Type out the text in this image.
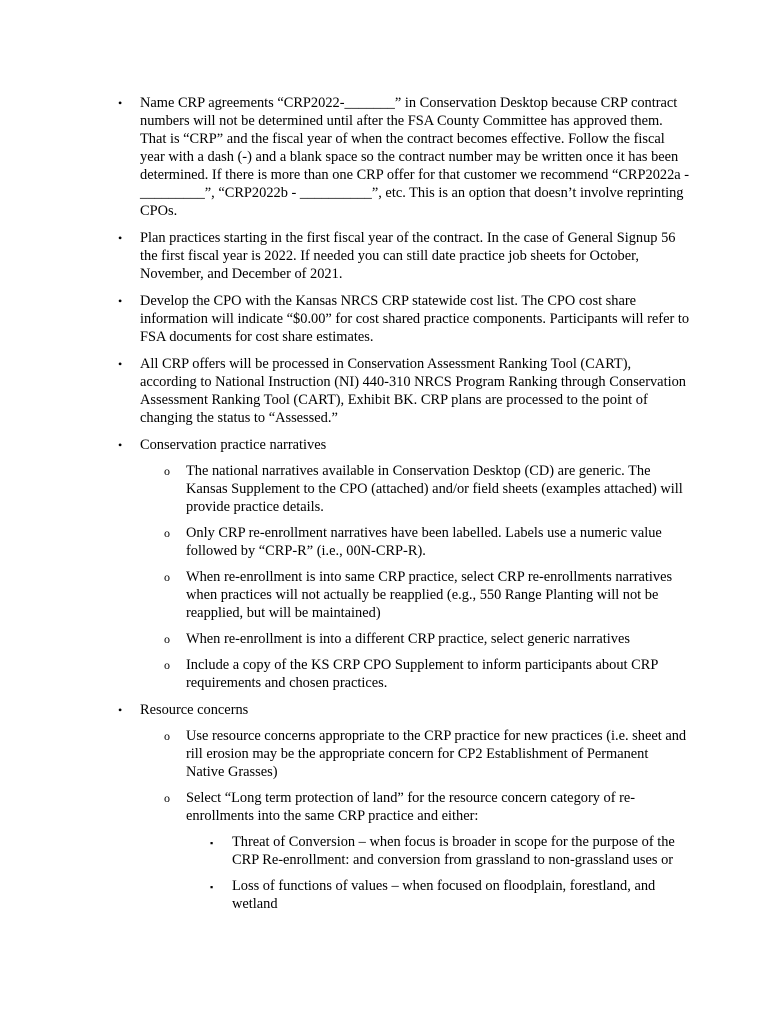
• Name CRP agreements “CRP2022-_______” in Conservation Desktop because CRP contract numbers will not be determined until after the FSA County Committee has approved them. That is “CRP” and the fiscal year of when the contract becomes effective. Follow the fiscal year with a dash (-) and a blank space so the contract number may be written once it has been determined. If there is more than one CRP offer for that customer we recommend “CRP2022a - _________”, “CRP2022b - __________”, etc. This is an option that doesn’t involve reprinting CPOs.
• Plan practices starting in the first fiscal year of the contract. In the case of General Signup 56 the first fiscal year is 2022. If needed you can still date practice job sheets for October, November, and December of 2021.
• Develop the CPO with the Kansas NRCS CRP statewide cost list. The CPO cost share information will indicate “$0.00” for cost shared practice components. Participants will refer to FSA documents for cost share estimates.
• All CRP offers will be processed in Conservation Assessment Ranking Tool (CART), according to National Instruction (NI) 440-310 NRCS Program Ranking through Conservation Assessment Ranking Tool (CART), Exhibit BK. CRP plans are processed to the point of changing the status to “Assessed.”
• Conservation practice narratives
o The national narratives available in Conservation Desktop (CD) are generic. The Kansas Supplement to the CPO (attached) and/or field sheets (examples attached) will provide practice details.
o Only CRP re-enrollment narratives have been labelled. Labels use a numeric value followed by “CRP-R” (i.e., 00N-CRP-R).
o When re-enrollment is into same CRP practice, select CRP re-enrollments narratives when practices will not actually be reapplied (e.g., 550 Range Planting will not be reapplied, but will be maintained)
o When re-enrollment is into a different CRP practice, select generic narratives
o Include a copy of the KS CRP CPO Supplement to inform participants about CRP requirements and chosen practices.
• Resource concerns
o Use resource concerns appropriate to the CRP practice for new practices (i.e. sheet and rill erosion may be the appropriate concern for CP2 Establishment of Permanent Native Grasses)
o Select “Long term protection of land” for the resource concern category of re-enrollments into the same CRP practice and either:
▪ Threat of Conversion – when focus is broader in scope for the purpose of the CRP Re-enrollment: and conversion from grassland to non-grassland uses or
▪ Loss of functions of values – when focused on floodplain, forestland, and wetland
